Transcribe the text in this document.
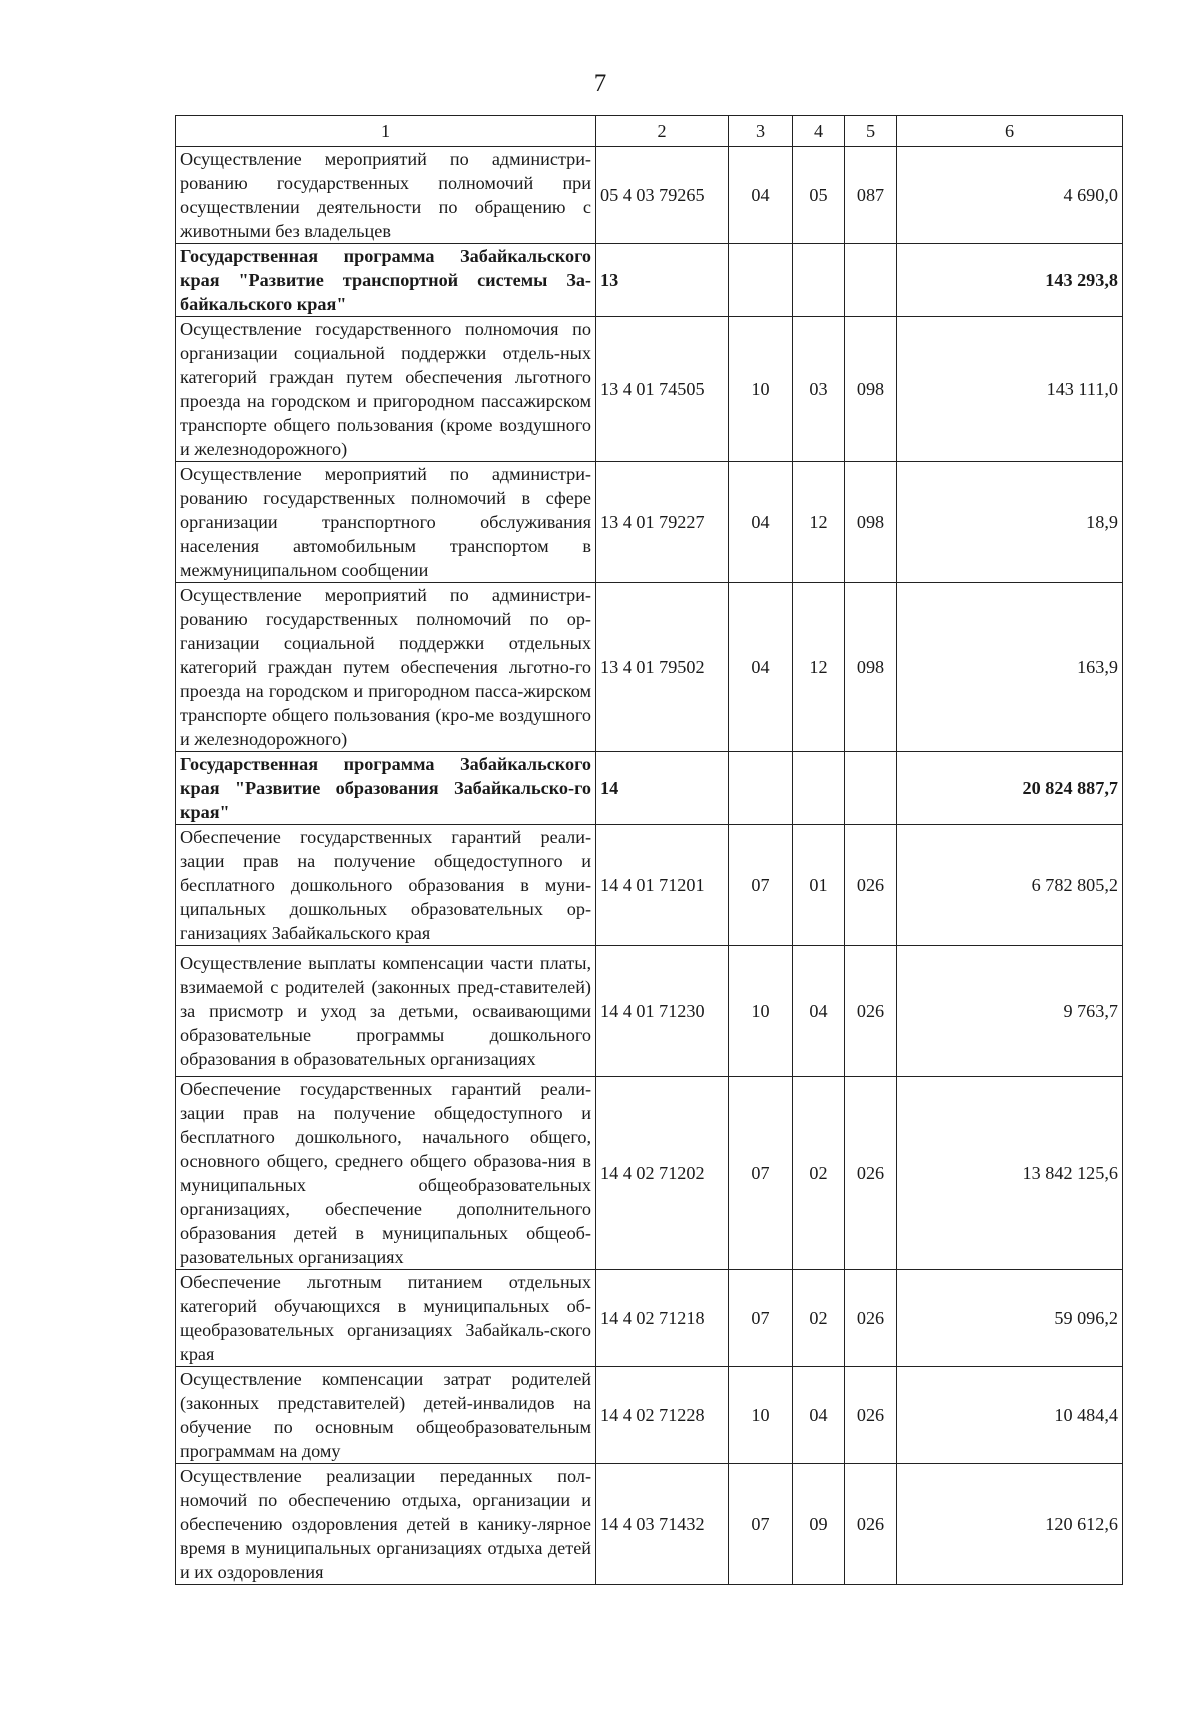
7
1	2	3	4	5	6
Осуществление мероприятий по администри-рованию государственных полномочий при осуществлении деятельности по обращению с животными без владельцев	05 4 03 79265	04	05	087	4 690,0
Государственная программа Забайкальского края "Развитие транспортной системы За-байкальского края"	13				143 293,8
Осуществление государственного полномочия по организации социальной поддержки отдель-ных категорий граждан путем обеспечения льготного проезда на городском и пригородном пассажирском транспорте общего пользования (кроме воздушного и железнодорожного)	13 4 01 74505	10	03	098	143 111,0
Осуществление мероприятий по администри-рованию государственных полномочий в сфере организации транспортного обслуживания населения автомобильным транспортом в межмуниципальном сообщении	13 4 01 79227	04	12	098	18,9
Осуществление мероприятий по администри-рованию государственных полномочий по ор-ганизации социальной поддержки отдельных категорий граждан путем обеспечения льготно-го проезда на городском и пригородном пасса-жирском транспорте общего пользования (кро-ме воздушного и железнодорожного)	13 4 01 79502	04	12	098	163,9
Государственная программа Забайкальского края "Развитие образования Забайкальско-го края"	14				20 824 887,7
Обеспечение государственных гарантий реали-зации прав на получение общедоступного и бесплатного дошкольного образования в муни-ципальных дошкольных образовательных ор-ганизациях Забайкальского края	14 4 01 71201	07	01	026	6 782 805,2
Осуществление выплаты компенсации части платы, взимаемой с родителей (законных пред-ставителей) за присмотр и уход за детьми, осваивающими образовательные программы дошкольного образования в образовательных организациях	14 4 01 71230	10	04	026	9 763,7
Обеспечение государственных гарантий реали-зации прав на получение общедоступного и бесплатного дошкольного, начального общего, основного общего, среднего общего образова-ния в муниципальных общеобразовательных организациях, обеспечение дополнительного образования детей в муниципальных общеоб-разовательных организациях	14 4 02 71202	07	02	026	13 842 125,6
Обеспечение льготным питанием отдельных категорий обучающихся в муниципальных об-щеобразовательных организациях Забайкаль-ского края	14 4 02 71218	07	02	026	59 096,2
Осуществление компенсации затрат родителей (законных представителей) детей-инвалидов на обучение по основным общеобразовательным программам на дому	14 4 02 71228	10	04	026	10 484,4
Осуществление реализации переданных пол-номочий по обеспечению отдыха, организации и обеспечению оздоровления детей в канику-лярное время в муниципальных организациях отдыха детей и их оздоровления	14 4 03 71432	07	09	026	120 612,6
